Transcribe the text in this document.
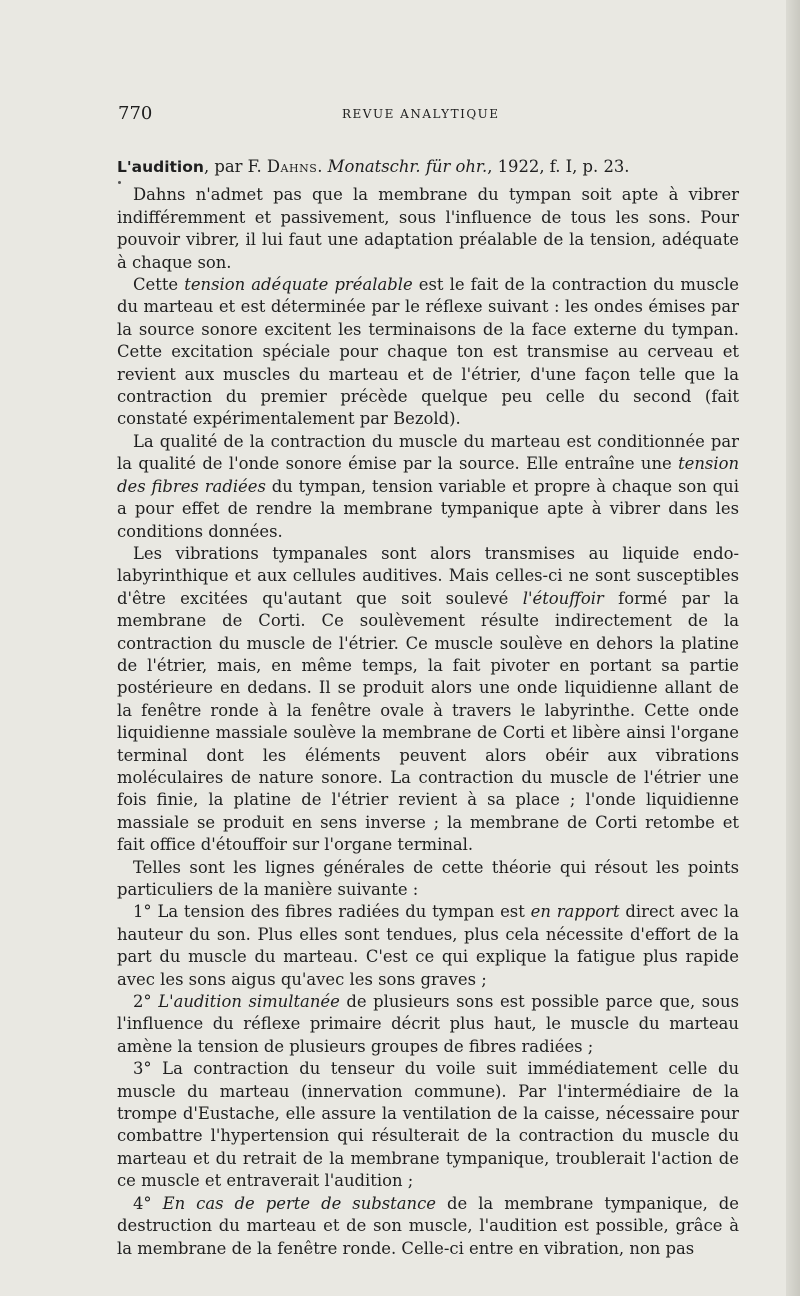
770	REVUE ANALYTIQUE

L'audition, par F. Dahns. Monatschr. für ohr., 1922, f. I, p. 23.

Dahns n'admet pas que la membrane du tympan soit apte à vibrer indifféremment et passivement, sous l'influence de tous les sons. Pour pouvoir vibrer, il lui faut une adaptation préalable de la tension, adéquate à chaque son.

Cette tension adéquate préalable est le fait de la contraction du muscle du marteau et est déterminée par le réflexe suivant : les ondes émises par la source sonore excitent les terminaisons de la face externe du tympan. Cette excitation spéciale pour chaque ton est transmise au cerveau et revient aux muscles du marteau et de l'étrier, d'une façon telle que la contraction du premier précède quelque peu celle du second (fait constaté expérimentalement par Bezold).

La qualité de la contraction du muscle du marteau est conditionnée par la qualité de l'onde sonore émise par la source. Elle entraîne une tension des fibres radiées du tympan, tension variable et propre à chaque son qui a pour effet de rendre la membrane tympanique apte à vibrer dans les conditions données.

Les vibrations tympanales sont alors transmises au liquide endo-labyrinthique et aux cellules auditives. Mais celles-ci ne sont susceptibles d'être excitées qu'autant que soit soulevé l'étouffoir formé par la membrane de Corti. Ce soulèvement résulte indirectement de la contraction du muscle de l'étrier. Ce muscle soulève en dehors la platine de l'étrier, mais, en même temps, la fait pivoter en portant sa partie postérieure en dedans. Il se produit alors une onde liquidienne allant de la fenêtre ronde à la fenêtre ovale à travers le labyrinthe. Cette onde liquidienne massiale soulève la membrane de Corti et libère ainsi l'organe terminal dont les éléments peuvent alors obéir aux vibrations moléculaires de nature sonore. La contraction du muscle de l'étrier une fois finie, la platine de l'étrier revient à sa place ; l'onde liquidienne massiale se produit en sens inverse ; la membrane de Corti retombe et fait office d'étouffoir sur l'organe terminal.

Telles sont les lignes générales de cette théorie qui résout les points particuliers de la manière suivante :

1° La tension des fibres radiées du tympan est en rapport direct avec la hauteur du son. Plus elles sont tendues, plus cela nécessite d'effort de la part du muscle du marteau. C'est ce qui explique la fatigue plus rapide avec les sons aigus qu'avec les sons graves ;

2° L'audition simultanée de plusieurs sons est possible parce que, sous l'influence du réflexe primaire décrit plus haut, le muscle du marteau amène la tension de plusieurs groupes de fibres radiées ;

3° La contraction du tenseur du voile suit immédiatement celle du muscle du marteau (innervation commune). Par l'intermédiaire de la trompe d'Eustache, elle assure la ventilation de la caisse, nécessaire pour combattre l'hypertension qui résulterait de la contraction du muscle du marteau et du retrait de la membrane tympanique, troublerait l'action de ce muscle et entraverait l'audition ;

4° En cas de perte de substance de la membrane tympanique, de destruction du marteau et de son muscle, l'audition est possible, grâce à la membrane de la fenêtre ronde. Celle-ci entre en vibration, non pas
